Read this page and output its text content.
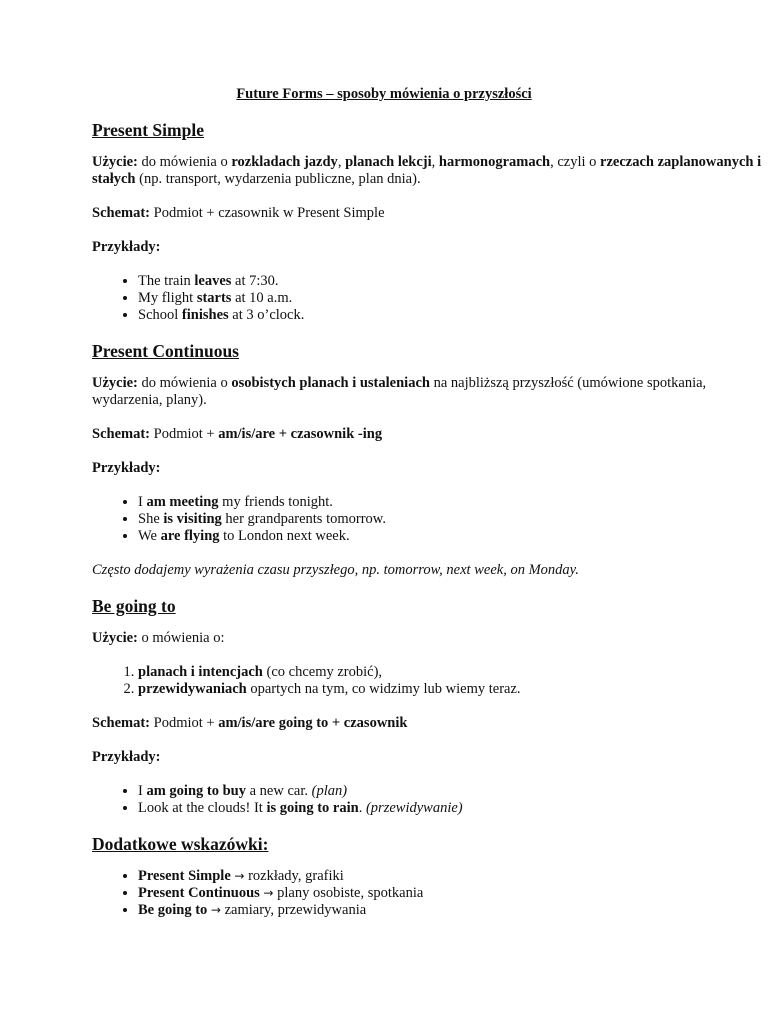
Future Forms – sposoby mówienia o przyszłości
Present Simple

Użycie: do mówienia o rozkladach jazdy, planach lekcji, harmonogramach, czyli o rzeczach zaplanowanych i stałych (np. transport, wydarzenia publiczne, plan dnia).

Schemat: Podmiot + czasownik w Present Simple

Przykłady:

• The train leaves at 7:30.
• My flight starts at 10 a.m.
• School finishes at 3 o’clock.
Present Continuous

Użycie: do mówienia o osobistych planach i ustaleniach na najbliższą przyszłość (umówione spotkania, wydarzenia, plany).

Schemat: Podmiot + am/is/are + czasownik -ing

Przykłady:

• I am meeting my friends tonight.
• She is visiting her grandparents tomorrow.
• We are flying to London next week.

Często dodajemy wyrażenia czasu przyszłego, np. tomorrow, next week, on Monday.

Be going to

Użycie: o mówienia o:

1. planach i intencjach (co chcemy zrobić),
2. przewidywaniach opartych na tym, co widzimy lub wiemy teraz.

Schemat: Podmiot + am/is/are going to + czasownik

Przykłady:

• I am going to buy a new car. (plan)
• Look at the clouds! It is going to rain. (przewidywanie)
Dodatkowe wskazówki:
• Present Simple → rozkłady, grafiki
• Present Continuous → plany osobiste, spotkania
• Be going to → zamiary, przewidywania
